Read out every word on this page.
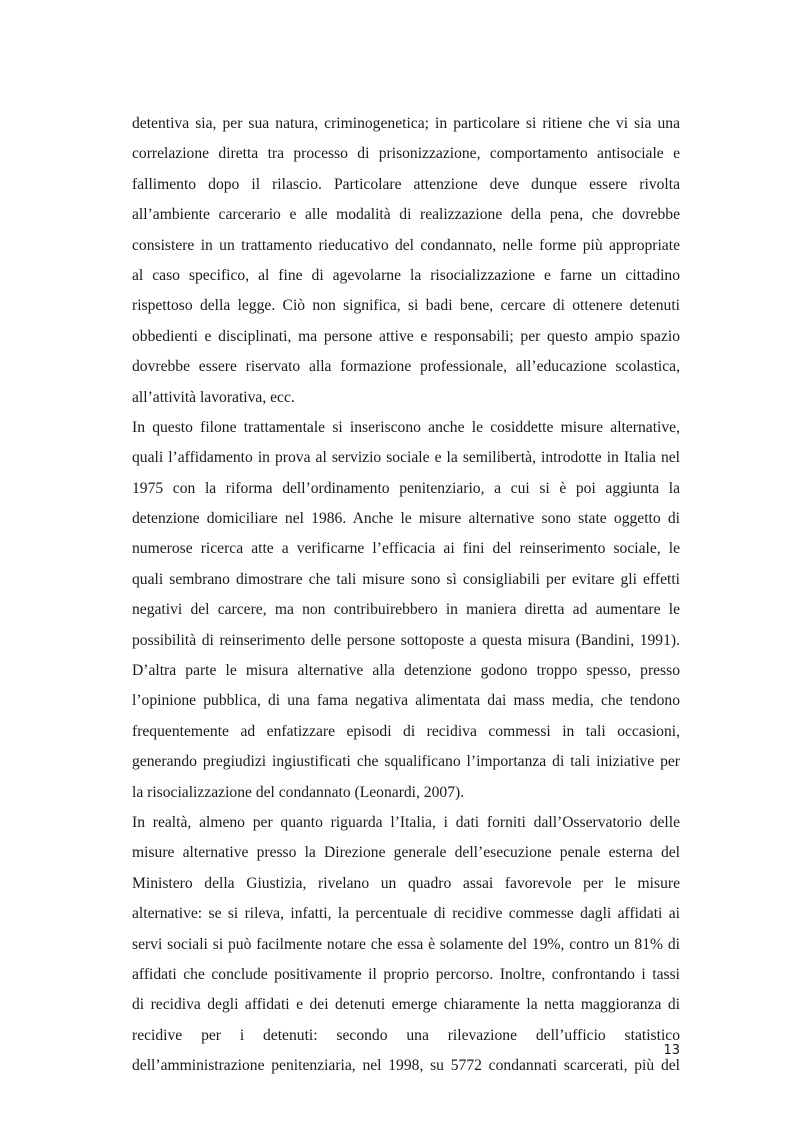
detentiva sia, per sua natura, criminogenetica; in particolare si ritiene che vi sia una
correlazione diretta tra processo di prisonizzazione, comportamento antisociale e
fallimento dopo il rilascio. Particolare attenzione deve dunque essere rivolta
all’ambiente carcerario e alle modalità di realizzazione della pena, che dovrebbe
consistere in un trattamento rieducativo del condannato, nelle forme più appropriate
al caso specifico, al fine di agevolarne la risocializzazione e farne un cittadino
rispettoso della legge. Ciò non significa, si badi bene, cercare di ottenere detenuti
obbedienti e disciplinati, ma persone attive e responsabili; per questo ampio spazio
dovrebbe essere riservato alla formazione professionale, all’educazione scolastica,
all’attività lavorativa, ecc.

In questo filone trattamentale si inseriscono anche le cosiddette misure alternative,
quali l’affidamento in prova al servizio sociale e la semilibertà, introdotte in Italia nel
1975 con la riforma dell’ordinamento penitenziario, a cui si è poi aggiunta la
detenzione domiciliare nel 1986. Anche le misure alternative sono state oggetto di
numerose ricerca atte a verificarne l’efficacia ai fini del reinserimento sociale, le
quali sembrano dimostrare che tali misure sono sì consigliabili per evitare gli effetti
negativi del carcere, ma non contribuirebbero in maniera diretta ad aumentare le
possibilità di reinserimento delle persone sottoposte a questa misura (Bandini, 1991).
D’altra parte le misura alternative alla detenzione godono troppo spesso, presso
l’opinione pubblica, di una fama negativa alimentata dai mass media, che tendono
frequentemente ad enfatizzare episodi di recidiva commessi in tali occasioni,
generando pregiudizi ingiustificati che squalificano l’importanza di tali iniziative per
la risocializzazione del condannato (Leonardi, 2007).

In realtà, almeno per quanto riguarda l’Italia, i dati forniti dall’Osservatorio delle
misure alternative presso la Direzione generale dell’esecuzione penale esterna del
Ministero della Giustizia, rivelano un quadro assai favorevole per le misure
alternative: se si rileva, infatti, la percentuale di recidive commesse dagli affidati ai
servi sociali si può facilmente notare che essa è solamente del 19%, contro un 81% di
affidati che conclude positivamente il proprio percorso. Inoltre, confrontando i tassi
di recidiva degli affidati e dei detenuti emerge chiaramente la netta maggioranza di
recidive per i detenuti: secondo una rilevazione dell’ufficio statistico
dell’amministrazione penitenziaria, nel 1998, su 5772 condannati scarcerati, più del

13
